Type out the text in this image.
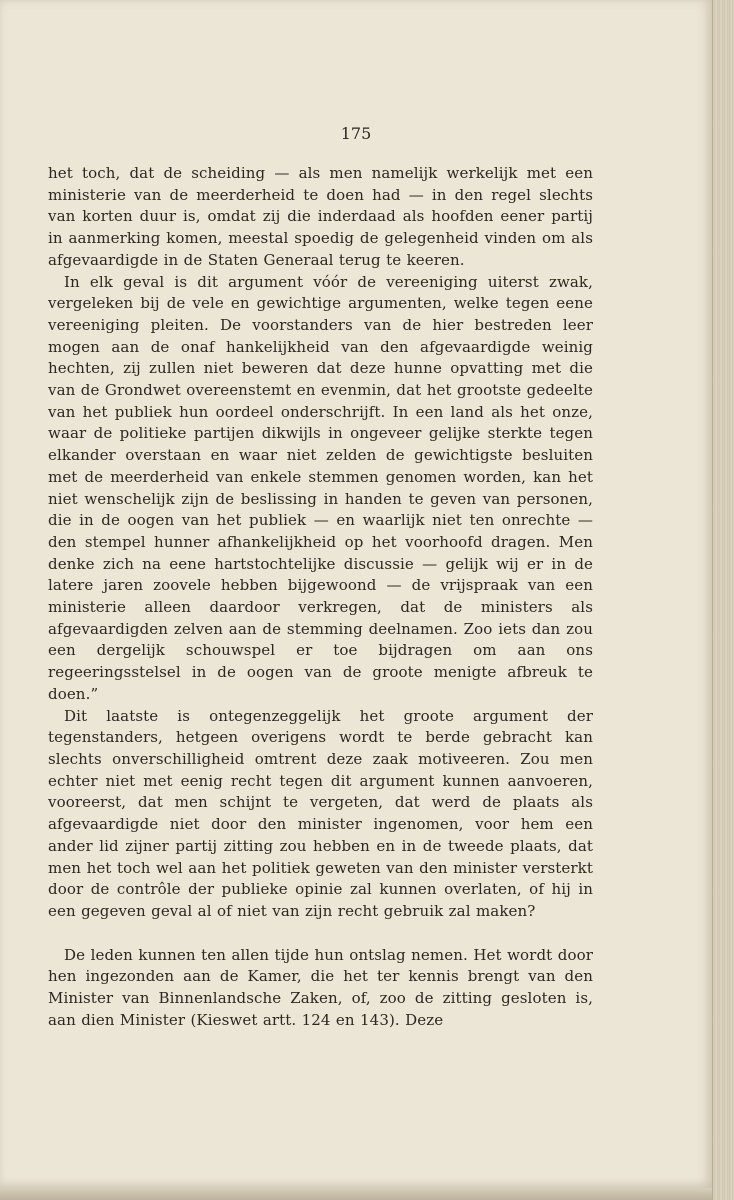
175

het toch, dat de scheiding — als men namelijk werkelijk met een ministerie van de meerderheid te doen had — in den regel slechts van korten duur is, omdat zij die inderdaad als hoofden eener partij in aanmerking komen, meestal spoedig de gelegenheid vinden om als afgevaardigde in de Staten Generaal terug te keeren.

In elk geval is dit argument vóór de vereeniging uiterst zwak, vergeleken bij de vele en gewichtige argumenten, welke tegen eene vereeniging pleiten. De voorstanders van de hier bestreden leer mogen aan de onaf hankelijkheid van den afgevaardigde weinig hechten, zij zullen niet beweren dat deze hunne opvatting met die van de Grondwet overeenstemt en evenmin, dat het grootste gedeelte van het publiek hun oordeel onderschrijft. In een land als het onze, waar de politieke partijen dikwijls in ongeveer gelijke sterkte tegen elkander overstaan en waar niet zelden de gewichtigste besluiten met de meerderheid van enkele stemmen genomen worden, kan het niet wenschelijk zijn de beslissing in handen te geven van personen, die in de oogen van het publiek — en waarlijk niet ten onrechte — den stempel hunner afhankelijkheid op het voorhoofd dragen. Men denke zich na eene hartstochtelijke discussie — gelijk wij er in de latere jaren zoovele hebben bijgewoond — de vrijspraak van een ministerie alleen daardoor verkregen, dat de ministers als afgevaardigden zelven aan de stemming deelnamen. Zoo iets dan zou een dergelijk schouwspel er toe bijdragen om aan ons regeeringsstelsel in de oogen van de groote menigte afbreuk te doen.”

Dit laatste is ontegenzeggelijk het groote argument der tegenstanders, hetgeen overigens wordt te berde gebracht kan slechts onverschilligheid omtrent deze zaak motiveeren. Zou men echter niet met eenig recht tegen dit argument kunnen aanvoeren, vooreerst, dat men schijnt te vergeten, dat werd de plaats als afgevaardigde niet door den minister ingenomen, voor hem een ander lid zijner partij zitting zou hebben en in de tweede plaats, dat men het toch wel aan het politiek geweten van den minister versterkt door de contrôle der publieke opinie zal kunnen overlaten, of hij in een gegeven geval al of niet van zijn recht gebruik zal maken?

De leden kunnen ten allen tijde hun ontslag nemen. Het wordt door hen ingezonden aan de Kamer, die het ter kennis brengt van den Minister van Binnenlandsche Zaken, of, zoo de zitting gesloten is, aan dien Minister (Kieswet artt. 124 en 143). Deze
